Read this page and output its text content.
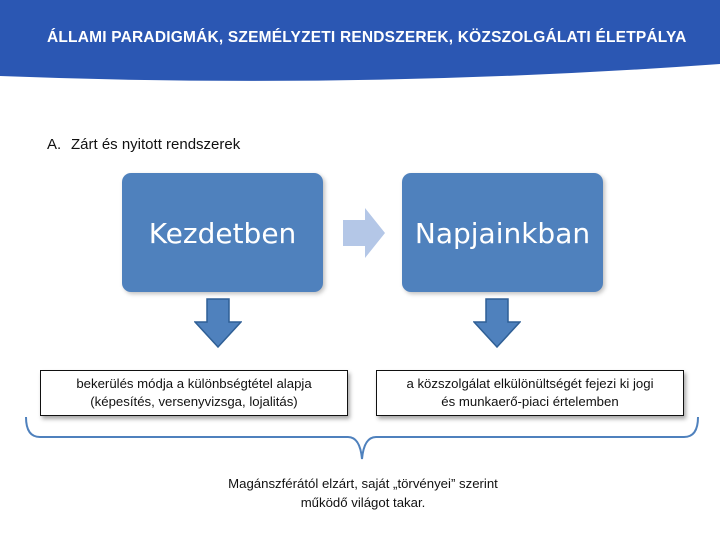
ÁLLAMI PARADIGMÁK, SZEMÉLYZETI RENDSZEREK, KÖZSZOLGÁLATI ÉLETPÁLYA
A. Zárt és nyitott rendszerek
Kezdetben	Napjainkban
bekerülés módja a különbségtétel alapja
(képesítés, versenyvizsga, lojalitás)
a közszolgálat elkülönültségét fejezi ki jogi
és munkaerő-piaci értelemben
Magánszférától elzárt, saját „törvényei” szerint
működő világot takar.
